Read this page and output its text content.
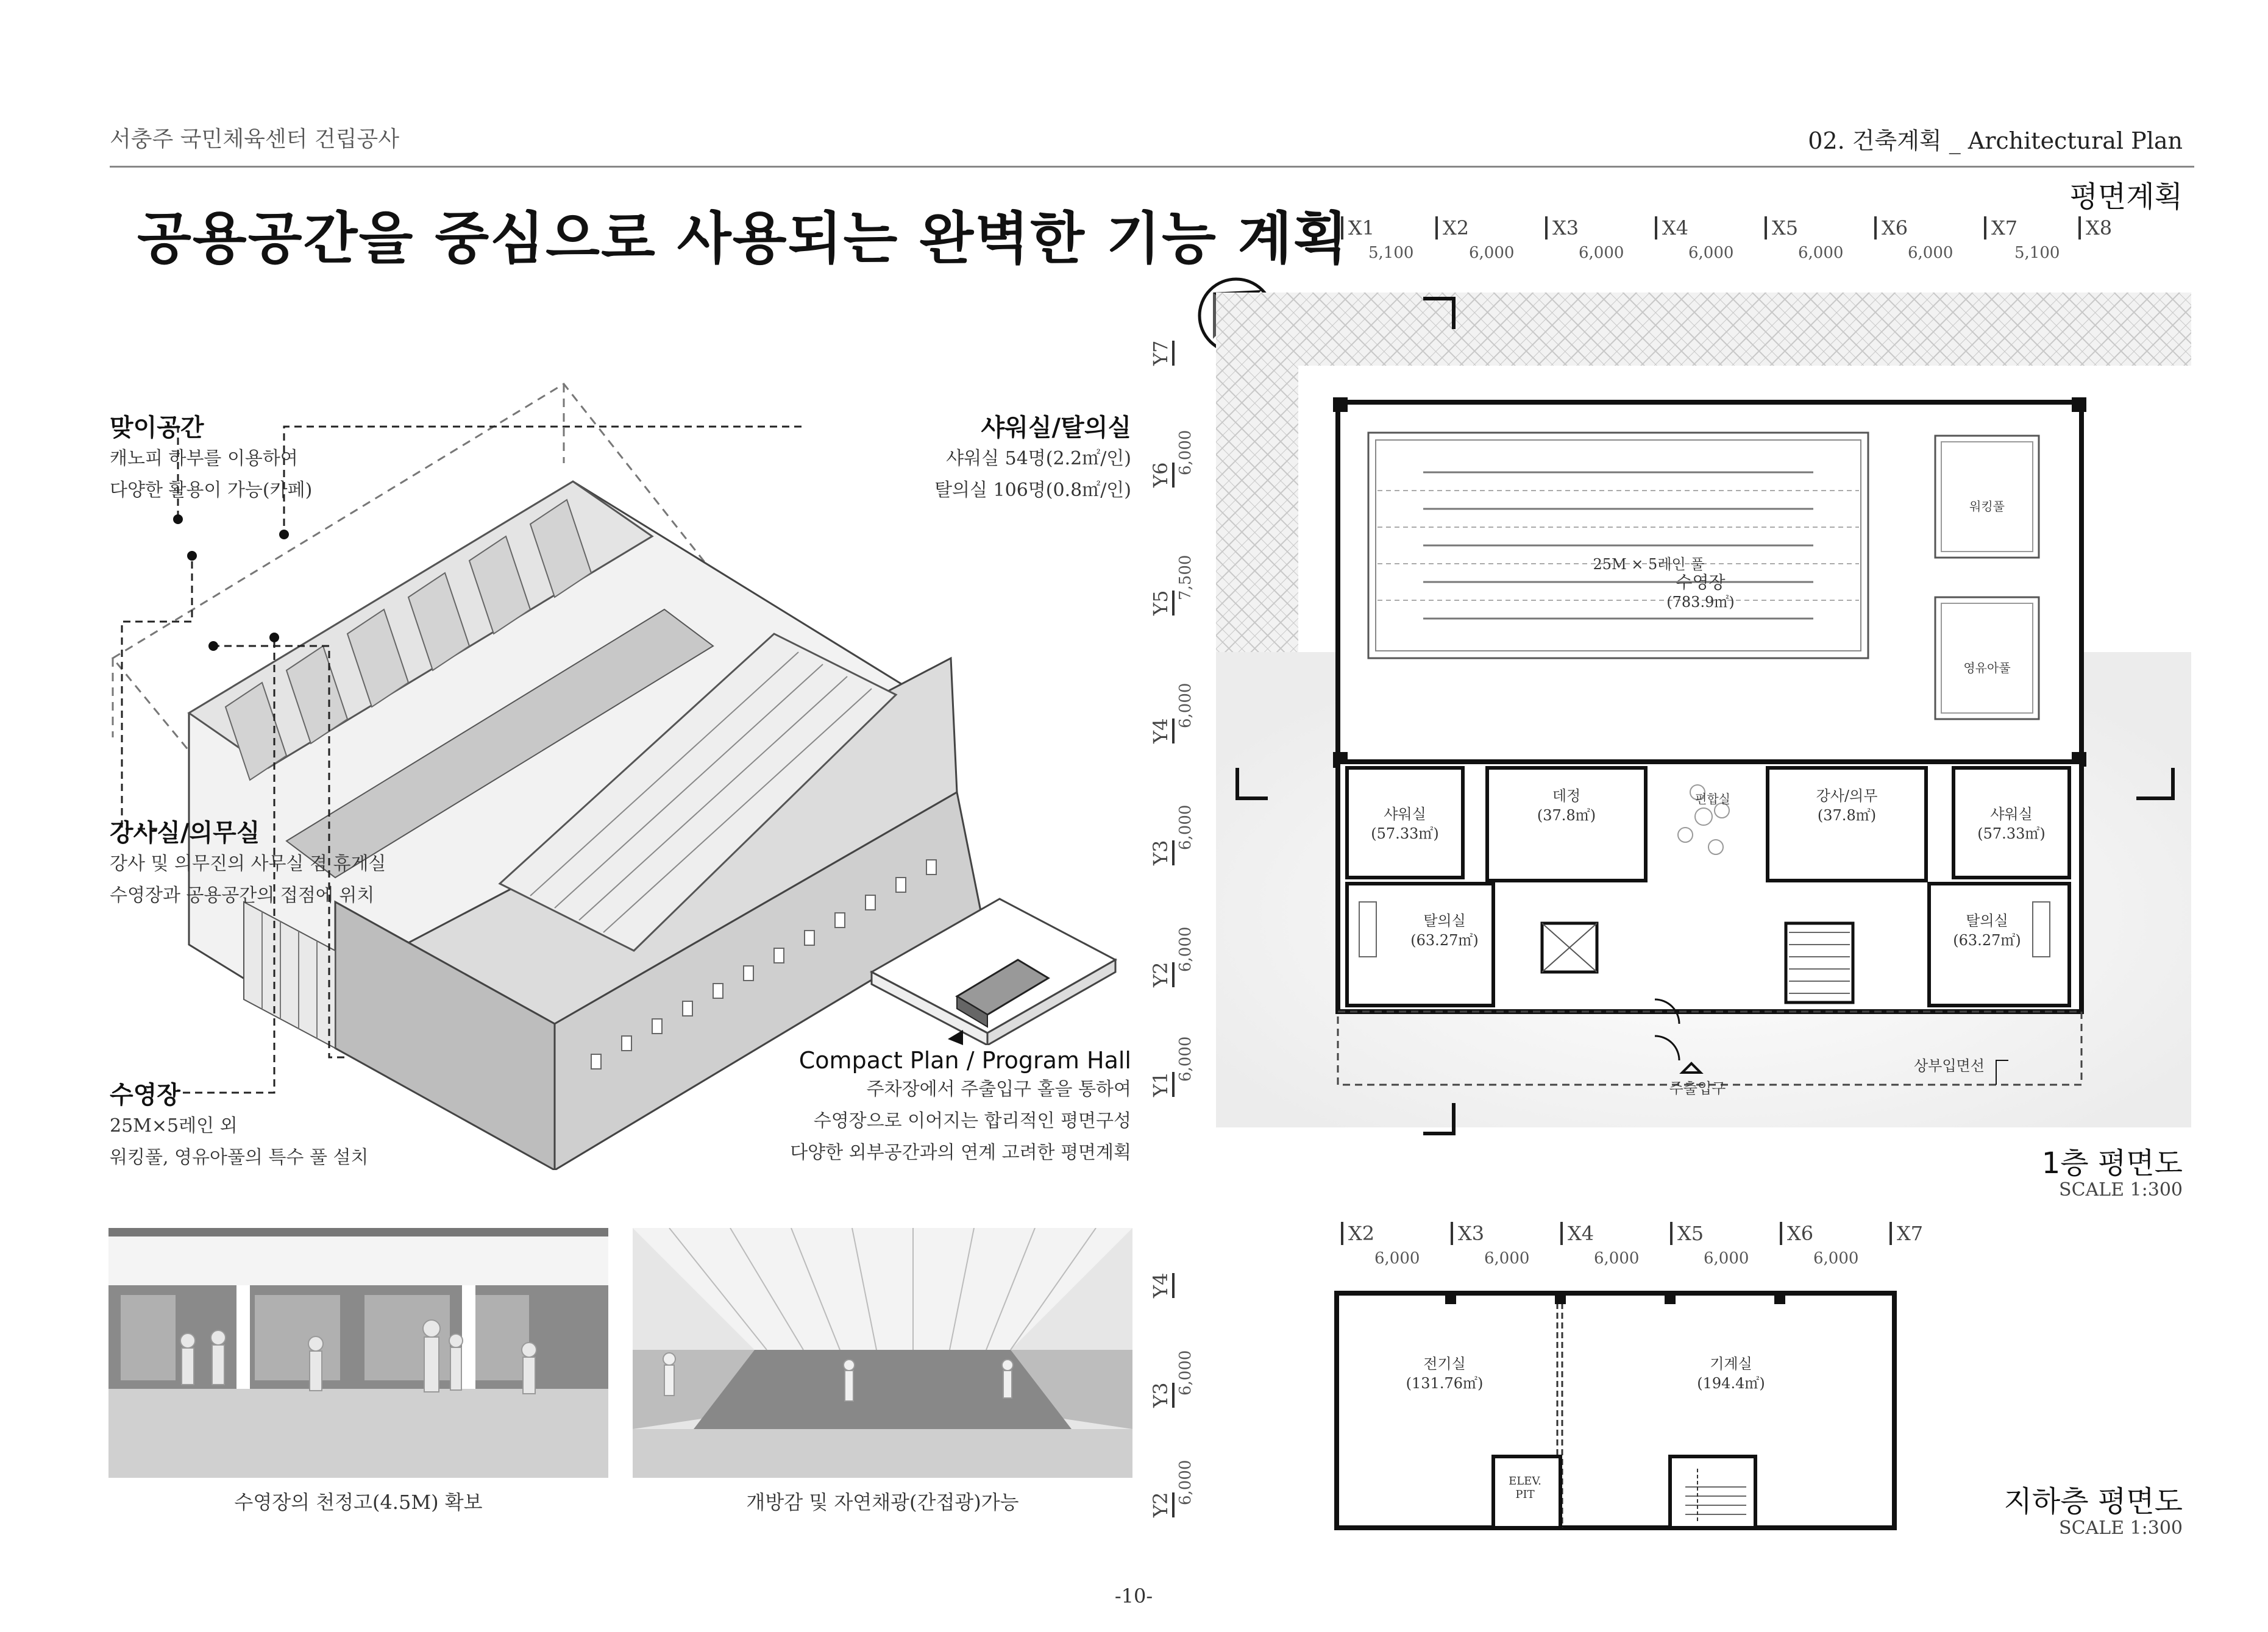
서충주 국민체육센터 건립공사	02. 건축계획 _ Architectural Plan
평면계획
공용공간을 중심으로 사용되는 완벽한 기능 계획
맞이공간
캐노피 하부를 이용하여
다양한 활용이 가능(카페)
샤워실/탈의실
샤워실 54명(2.2㎡/인)
탈의실 106명(0.8㎡/인)
강사실/의무실
강사 및 의무진의 사무실 겸 휴게실
수영장과 공용공간의 접점에 위치
수영장
25M×5레인 외
워킹풀, 영유아풀의 특수 풀 설치
Compact Plan / Program Hall
주차장에서 주출입구 홀을 통하여
수영장으로 이어지는 합리적인 평면구성
다양한 외부공간과의 연계 고려한 평면계획
수영장의 천정고(4.5M) 확보	개방감 및 자연채광(간접광)가능
X1	X2	X3	X4	X5	X6	X7	X8
5,100	6,000	6,000	6,000	6,000	6,000	5,100
Y7
Y6
Y5
Y4
Y3
Y2
Y1
6,000
7,500
6,000
6,000
6,000
6,000
25M × 5레인 풀
수영장
(783.9㎡)
워킹풀
영유아풀
샤워실
(57.33㎡)
데정
(37.8㎡)
편합실	강사/의무
(37.8㎡)	샤워실
(57.33㎡)
탈의실
(63.27㎡)
탈의실
(63.27㎡)
주출입구
상부입면선
1층 평면도
SCALE 1:300
X2	X3	X4	X5	X6	X7
6,000	6,000	6,000	6,000	6,000
Y4
Y3
Y2
6,000
6,000
전기실
(131.76㎡)
기계실
(194.4㎡)
ELEV. PIT	지하층 평면도
SCALE 1:300
-10-
